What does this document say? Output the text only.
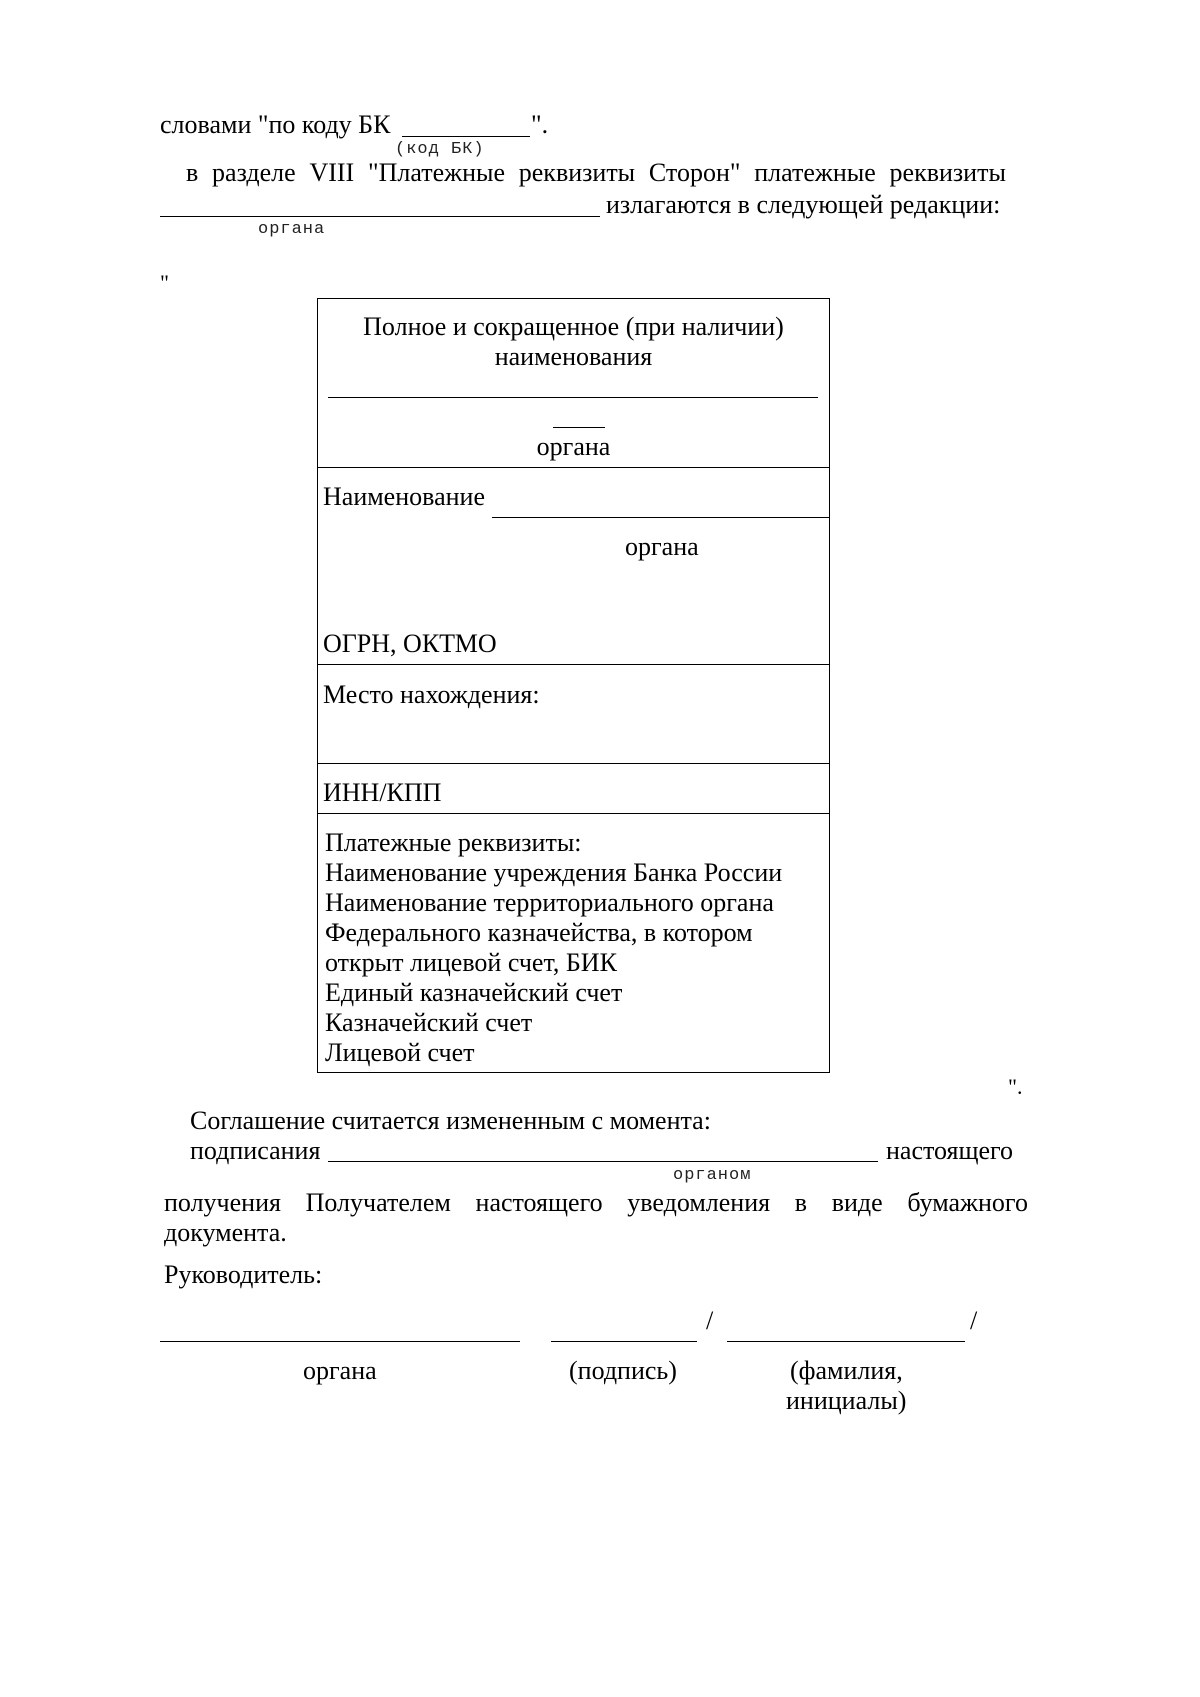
словами "по коду БК	".
(код БК)
в разделе VIII "Платежные реквизиты Сторон" платежные реквизиты
излагаются в следующей редакции:
органа
"
Полное и сокращенное (при наличии)
наименования
органа
Наименование
органа
ОГРН, ОКТМО
Место нахождения:
ИНН/КПП
Платежные реквизиты:
Наименование учреждения Банка России
Наименование территориального органа
Федерального казначейства, в котором
открыт лицевой счет, БИК
Единый казначейский счет
Казначейский счет
Лицевой счет
".
Соглашение считается измененным с момента:
подписания	настоящего
органом
получения Получателем настоящего уведомления в виде бумажного
документа.
Руководитель:
/	/
органа	(подпись)	(фамилия,
инициалы)
